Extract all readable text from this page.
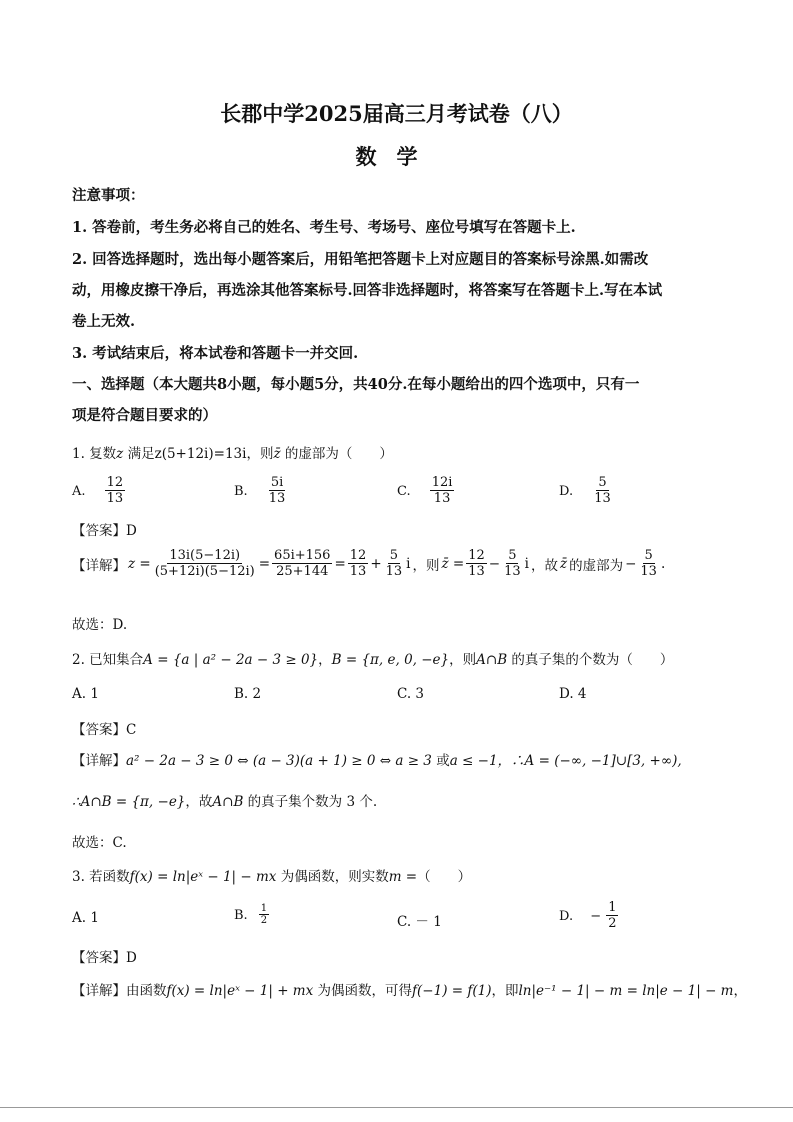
长郡中学2025届高三月考试卷（八）
数学
注意事项：
1. 答卷前，考生务必将自己的姓名、考生号、考场号、座位号填写在答题卡上.
2. 回答选择题时，选出每小题答案后，用铅笔把答题卡上对应题目的答案标号涂黑.如需改
动，用橡皮擦干净后，再选涂其他答案标号.回答非选择题时，将答案写在答题卡上.写在本试
卷上无效.
3. 考试结束后，将本试卷和答题卡一并交回.
一、选择题（本大题共8小题，每小题5分，共40分.在每小题给出的四个选项中，只有一
项是符合题目要求的）
1. 复数z 满足z(5+12i)=13i，则z̄ 的虚部为（　　）
A. $\frac{12}{13}$	B. $\frac{5i}{13}$	C. $\frac{12i}{13}$	D. $\frac{5}{13}$
【答案】D
【详解】 $z = \frac{13i(5-12i)}{(5+12i)(5-12i)} = \frac{65i+156}{25+144} = \frac{12}{13} + \frac{5}{13}$ i ，则 z̄ = $\frac{12}{13} - \frac{5}{13}$ i ，故 z̄ 的虚部为 − $\frac{5}{13}$ .
故选：D.
2. 已知集合A = {a | a² − 2a − 3 ≥ 0}，B = {π, e, 0, −e}，则A∩B 的真子集的个数为（　　）
A. 1	B. 2	C. 3	D. 4
【答案】C
【详解】a² − 2a − 3 ≥ 0 ⇔ (a − 3)(a + 1) ≥ 0 ⇔ a ≥ 3 或a ≤ −1，∴A = (−∞, −1]∪[3, +∞),
∴A∩B = {π, −e}，故A∩B 的真子集个数为 3 个.
故选：C.
3. 若函数f(x) = ln|eˣ − 1| − mx 为偶函数，则实数m =（　　）
A. 1	B. $\frac{1}{2}$	C. － 1	D. − $\frac{1}{2}$
【答案】D
【详解】由函数f(x) = ln|eˣ − 1| + mx 为偶函数，可得f(−1) = f(1)，即ln|e⁻¹ − 1| − m = ln|e − 1| − m，
